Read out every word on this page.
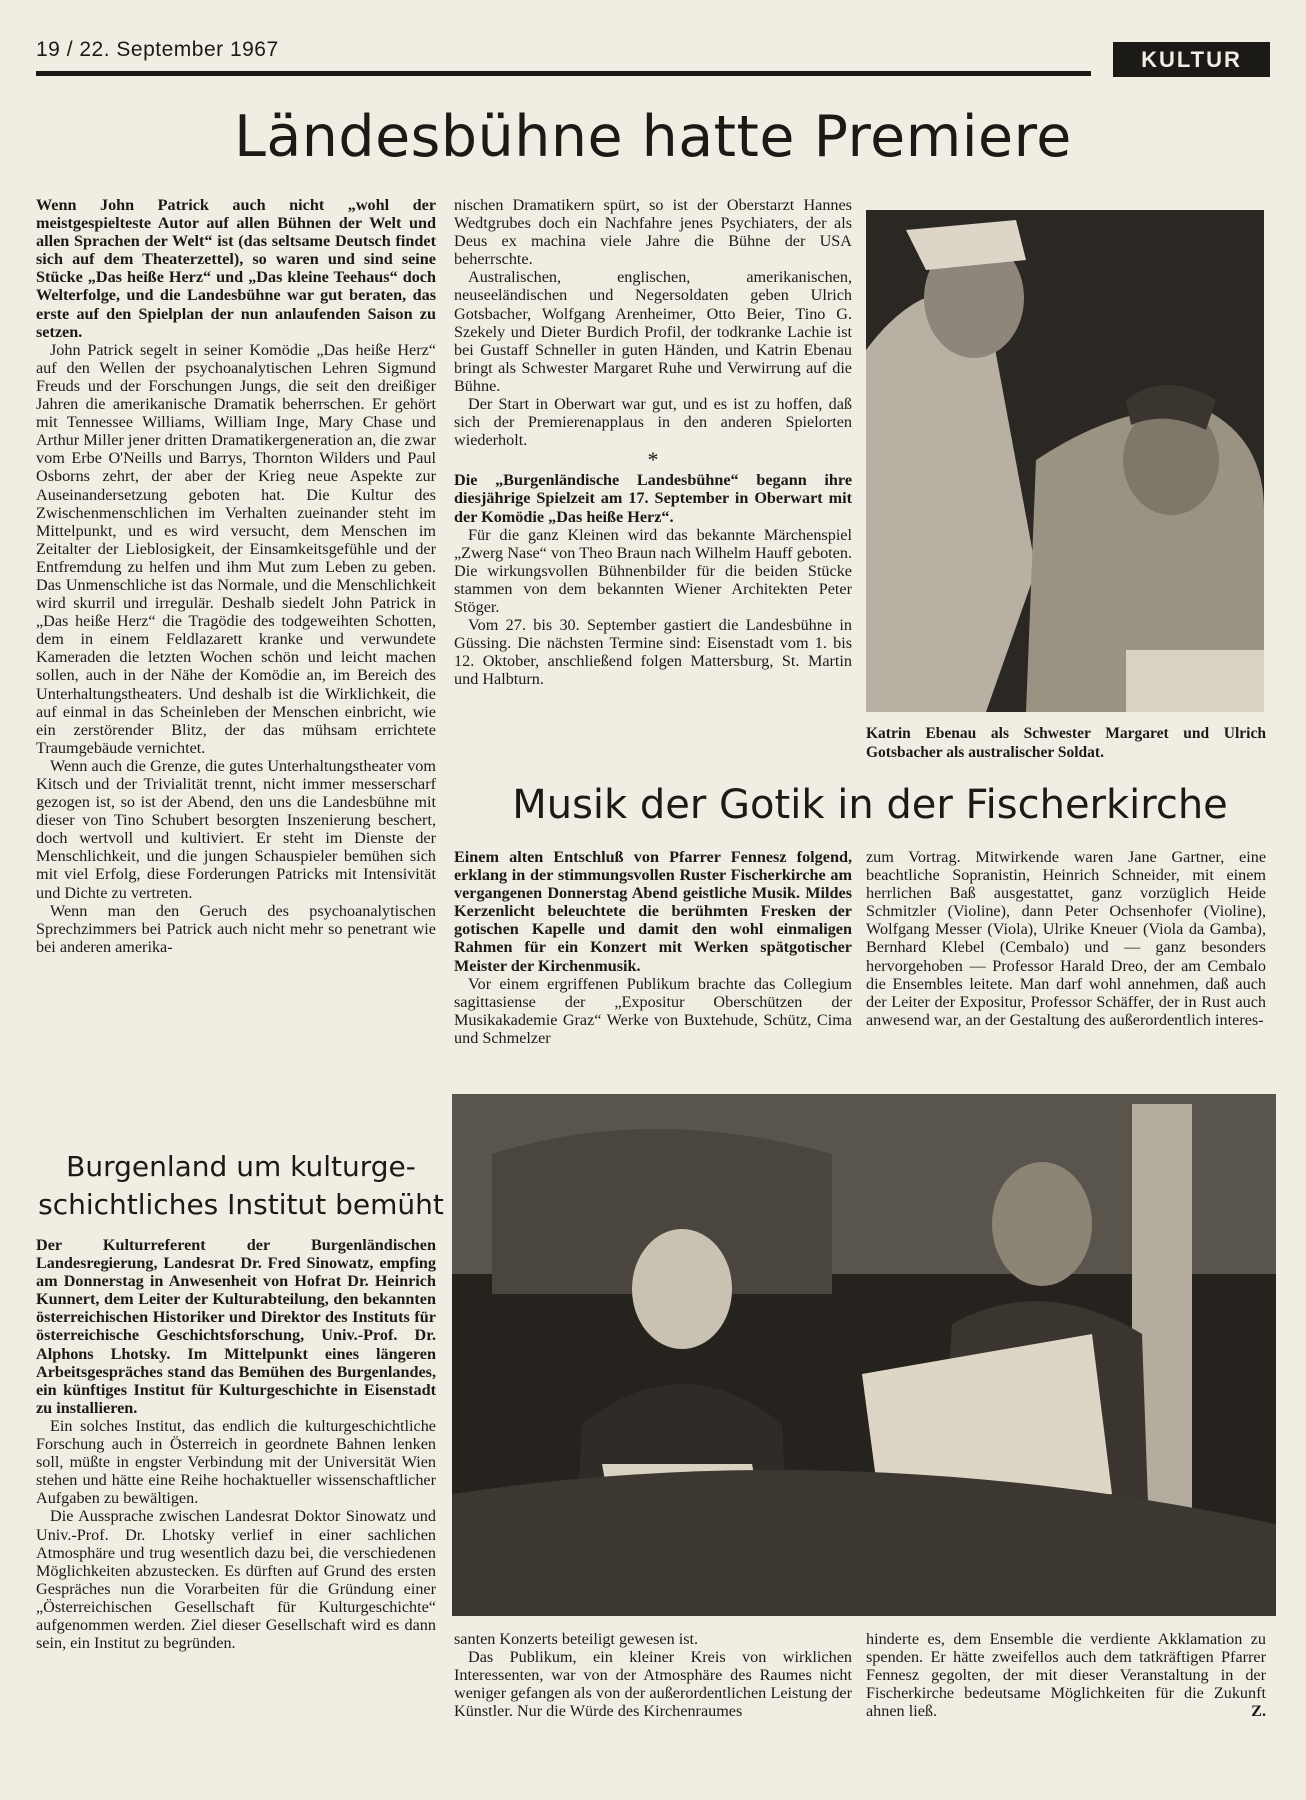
19 / 22. September 1967	KULTUR
Ländesbühne hatte Premiere

Wenn John Patrick auch nicht „wohl der meistgespielteste Autor auf allen Bühnen der Welt und allen Sprachen der Welt“ ist (das seltsame Deutsch findet sich auf dem Theaterzettel), so waren und sind seine Stücke „Das heiße Herz“ und „Das kleine Teehaus“ doch Welterfolge, und die Landesbühne war gut beraten, das erste auf den Spielplan der nun anlaufenden Saison zu setzen.

John Patrick segelt in seiner Komödie „Das heiße Herz“ auf den Wellen der psychoanalytischen Lehren Sigmund Freuds und der Forschungen Jungs, die seit den dreißiger Jahren die amerikanische Dramatik beherrschen. Er gehört mit Tennessee Williams, William Inge, Mary Chase und Arthur Miller jener dritten Dramatikergeneration an, die zwar vom Erbe O'Neills und Barrys, Thornton Wilders und Paul Osborns zehrt, der aber der Krieg neue Aspekte zur Auseinandersetzung geboten hat. Die Kultur des Zwischenmenschlichen im Verhalten zueinander steht im Mittelpunkt, und es wird versucht, dem Menschen im Zeitalter der Lieblosigkeit, der Einsamkeitsgefühle und der Entfremdung zu helfen und ihm Mut zum Leben zu geben. Das Unmenschliche ist das Normale, und die Menschlichkeit wird skurril und irregulär. Deshalb siedelt John Patrick in „Das heiße Herz“ die Tragödie des todgeweihten Schotten, dem in einem Feldlazarett kranke und verwundete Kameraden die letzten Wochen schön und leicht machen sollen, auch in der Nähe der Komödie an, im Bereich des Unterhaltungstheaters. Und deshalb ist die Wirklichkeit, die auf einmal in das Scheinleben der Menschen einbricht, wie ein zerstörender Blitz, der das mühsam errichtete Traumgebäude vernichtet.

Wenn auch die Grenze, die gutes Unterhaltungstheater vom Kitsch und der Trivialität trennt, nicht immer messerscharf gezogen ist, so ist der Abend, den uns die Landesbühne mit dieser von Tino Schubert besorgten Inszenierung beschert, doch wertvoll und kultiviert. Er steht im Dienste der Menschlichkeit, und die jungen Schauspieler bemühen sich mit viel Erfolg, diese Forderungen Patricks mit Intensivität und Dichte zu vertreten.

Wenn man den Geruch des psychoanalytischen Sprechzimmers bei Patrick auch nicht mehr so penetrant wie bei anderen amerika-

Burgenland um kulturge-
schichtliches Institut bemüht

Der Kulturreferent der Burgenländischen Landesregierung, Landesrat Dr. Fred Sinowatz, empfing am Donnerstag in Anwesenheit von Hofrat Dr. Heinrich Kunnert, dem Leiter der Kulturabteilung, den bekannten österreichischen Historiker und Direktor des Instituts für österreichische Geschichtsforschung, Univ.-Prof. Dr. Alphons Lhotsky. Im Mittelpunkt eines längeren Arbeitsgespräches stand das Bemühen des Burgenlandes, ein künftiges Institut für Kulturgeschichte in Eisenstadt zu installieren.

Ein solches Institut, das endlich die kulturgeschichtliche Forschung auch in Österreich in geordnete Bahnen lenken soll, müßte in engster Verbindung mit der Universität Wien stehen und hätte eine Reihe hochaktueller wissenschaftlicher Aufgaben zu bewältigen.

Die Aussprache zwischen Landesrat Doktor Sinowatz und Univ.-Prof. Dr. Lhotsky verlief in einer sachlichen Atmosphäre und trug wesentlich dazu bei, die verschiedenen Möglichkeiten abzustecken. Es dürften auf Grund des ersten Gespräches nun die Vorarbeiten für die Gründung einer „Österreichischen Gesellschaft für Kulturgeschichte“ aufgenommen werden. Ziel dieser Gesellschaft wird es dann sein, ein Institut zu begründen.

nischen Dramatikern spürt, so ist der Oberstarzt Hannes Wedtgrubes doch ein Nachfahre jenes Psychiaters, der als Deus ex machina viele Jahre die Bühne der USA beherrschte.

Australischen, englischen, amerikanischen, neuseeländischen und Negersoldaten geben Ulrich Gotsbacher, Wolfgang Arenheimer, Otto Beier, Tino G. Szekely und Dieter Burdich Profil, der todkranke Lachie ist bei Gustaff Schneller in guten Händen, und Katrin Ebenau bringt als Schwester Margaret Ruhe und Verwirrung auf die Bühne.

Der Start in Oberwart war gut, und es ist zu hoffen, daß sich der Premierenapplaus in den anderen Spielorten wiederholt.

*

Die „Burgenländische Landesbühne“ begann ihre diesjährige Spielzeit am 17. September in Oberwart mit der Komödie „Das heiße Herz“.

Für die ganz Kleinen wird das bekannte Märchenspiel „Zwerg Nase“ von Theo Braun nach Wilhelm Hauff geboten. Die wirkungsvollen Bühnenbilder für die beiden Stücke stammen von dem bekannten Wiener Architekten Peter Stöger.

Vom 27. bis 30. September gastiert die Landesbühne in Güssing. Die nächsten Termine sind: Eisenstadt vom 1. bis 12. Oktober, anschließend folgen Mattersburg, St. Martin und Halbturn.

Katrin Ebenau als Schwester Margaret und Ulrich Gotsbacher als australischer Soldat.
Musik der Gotik in der Fischerkirche

Einem alten Entschluß von Pfarrer Fennesz folgend, erklang in der stimmungsvollen Ruster Fischerkirche am vergangenen Donnerstag Abend geistliche Musik. Mildes Kerzenlicht beleuchtete die berühmten Fresken der gotischen Kapelle und damit den wohl einmaligen Rahmen für ein Konzert mit Werken spätgotischer Meister der Kirchenmusik.

Vor einem ergriffenen Publikum brachte das Collegium sagittasiense der „Expositur Oberschützen der Musikakademie Graz“ Werke von Buxtehude, Schütz, Cima und Schmelzer

zum Vortrag. Mitwirkende waren Jane Gartner, eine beachtliche Sopranistin, Heinrich Schneider, mit einem herrlichen Baß ausgestattet, ganz vorzüglich Heide Schmitzler (Violine), dann Peter Ochsenhofer (Violine), Wolfgang Messer (Viola), Ulrike Kneuer (Viola da Gamba), Bernhard Klebel (Cembalo) und — ganz besonders hervorgehoben — Professor Harald Dreo, der am Cembalo die Ensembles leitete. Man darf wohl annehmen, daß auch der Leiter der Expositur, Professor Schäffer, der in Rust auch anwesend war, an der Gestaltung des außerordentlich interes-

santen Konzerts beteiligt gewesen ist.

Das Publikum, ein kleiner Kreis von wirklichen Interessenten, war von der Atmosphäre des Raumes nicht weniger gefangen als von der außerordentlichen Leistung der Künstler. Nur die Würde des Kirchenraumes

hinderte es, dem Ensemble die verdiente Akklamation zu spenden. Er hätte zweifellos auch dem tatkräftigen Pfarrer Fennesz gegolten, der mit dieser Veranstaltung in der Fischerkirche bedeutsame Möglichkeiten für die Zukunft ahnen ließ.	Z.
